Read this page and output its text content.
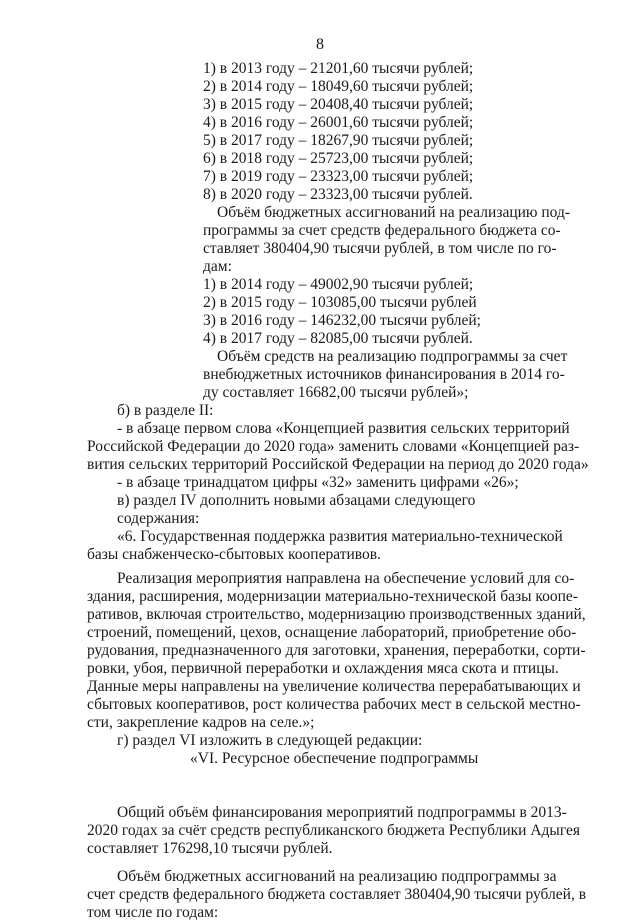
8
1) в 2013 году – 21201,60 тысячи рублей;
2) в 2014 году – 18049,60 тысячи рублей;
3) в 2015 году – 20408,40 тысячи рублей;
4) в 2016 году – 26001,60 тысячи рублей;
5) в 2017 году – 18267,90 тысячи рублей;
6) в 2018 году – 25723,00 тысячи рублей;
7) в 2019 году – 23323,00 тысячи рублей;
8) в 2020 году – 23323,00 тысячи рублей.
Объём бюджетных ассигнований на реализацию под-
программы за счет средств федерального бюджета со-
ставляет 380404,90 тысячи рублей, в том числе по го-
дам:
1) в 2014 году – 49002,90 тысячи рублей;
2) в 2015 году – 103085,00 тысячи рублей
3) в 2016 году – 146232,00 тысячи рублей;
4) в 2017 году – 82085,00 тысячи рублей.
Объём средств на реализацию подпрограммы за счет
внебюджетных источников финансирования в 2014 го-
ду составляет 16682,00 тысячи рублей»;
б) в разделе II:
- в абзаце первом слова «Концепцией развития сельских территорий
Российской Федерации до 2020 года» заменить словами «Концепцией раз-
вития сельских территорий Российской Федерации на период до 2020 года»
- в абзаце тринадцатом цифры «32» заменить цифрами «26»;
в) раздел IV дополнить новыми абзацами следующего содержания:
«6. Государственная поддержка развития материально-технической
базы снабженческо-сбытовых кооперативов.
Реализация мероприятия направлена на обеспечение условий для со-
здания, расширения, модернизации материально-технической базы коопе-
ративов, включая строительство, модернизацию производственных зданий,
строений, помещений, цехов, оснащение лабораторий, приобретение обо-
рудования, предназначенного для заготовки, хранения, переработки, сорти-
ровки, убоя, первичной переработки и охлаждения мяса скота и птицы.
Данные меры направлены на увеличение количества перерабатывающих и
сбытовых кооперативов, рост количества рабочих мест в сельской местно-
сти, закрепление кадров на селе.»;
г) раздел VI изложить в следующей редакции:
«VI. Ресурсное обеспечение подпрограммы
Общий объём финансирования мероприятий подпрограммы в 2013-
2020 годах за счёт средств республиканского бюджета Республики Адыгея
составляет 176298,10 тысячи рублей.
Объём бюджетных ассигнований на реализацию подпрограммы за
счет средств федерального бюджета составляет 380404,90 тысячи рублей, в
том числе по годам:
